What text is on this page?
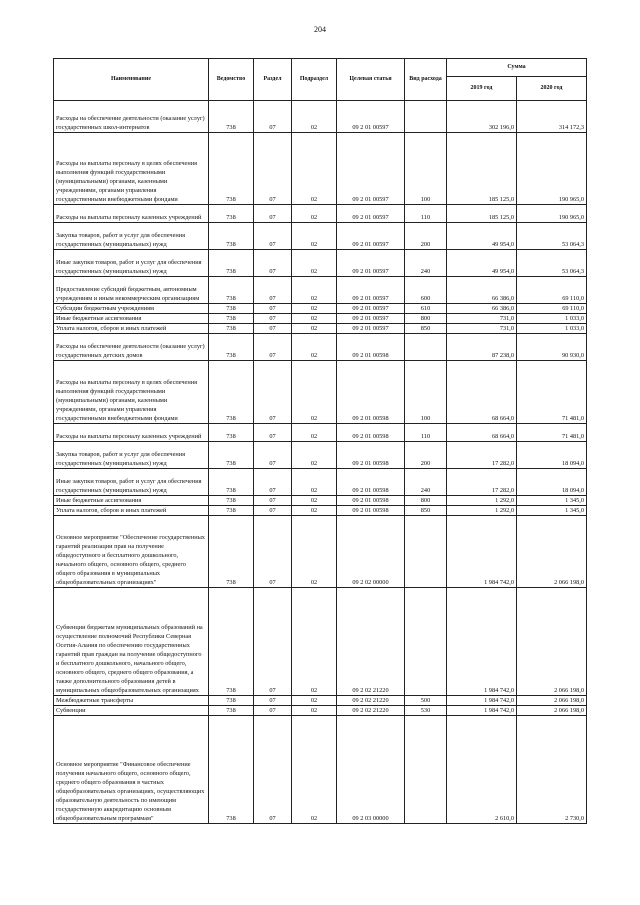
204
Наименование	Ведомство	Раздел	Подраздел	Целевая статья	Вид расхода	Сумма	
						2019 год	2020 год
Расходы на обеспечение деятельности (оказание услуг) государственных школ-интернатов	738	07	02	09 2 01 00597		302 196,0	314 172,3
Расходы на выплаты персоналу в целях обеспечения выполнения функций государственными (муниципальными) органами, казенными учреждениями, органами управления государственными внебюджетными фондами	738	07	02	09 2 01 00597	100	185 125,0	190 965,0
Расходы на выплаты персоналу казенных учреждений	738	07	02	09 2 01 00597	110	185 125,0	190 965,0
Закупка товаров, работ и услуг для обеспечения государственных (муниципальных) нужд	738	07	02	09 2 01 00597	200	49 954,0	53 064,3
Иные закупки товаров, работ и услуг для обеспечения государственных (муниципальных) нужд	738	07	02	09 2 01 00597	240	49 954,0	53 064,3
Предоставление субсидий бюджетным, автономным учреждениям и иным некоммерческим организациям	738	07	02	09 2 01 00597	600	66 386,0	69 110,0
Субсидии бюджетным учреждениям	738	07	02	09 2 01 00597	610	66 386,0	69 110,0
Иные бюджетные ассигнования	738	07	02	09 2 01 00597	800	731,0	1 033,0
Уплата налогов, сборов и иных платежей	738	07	02	09 2 01 00597	850	731,0	1 033,0
Расходы на обеспечение деятельности (оказание услуг) государственных детских домов	738	07	02	09 2 01 00598		87 238,0	90 930,0
Расходы на выплаты персоналу в целях обеспечения выполнения функций государственными (муниципальными) органами, казенными учреждениями, органами управления государственными внебюджетными фондами	738	07	02	09 2 01 00598	100	68 664,0	71 481,0
Расходы на выплаты персоналу казенных учреждений	738	07	02	09 2 01 00598	110	68 664,0	71 481,0
Закупка товаров, работ и услуг для обеспечения государственных (муниципальных) нужд	738	07	02	09 2 01 00598	200	17 282,0	18 094,0
Иные закупки товаров, работ и услуг для обеспечения государственных (муниципальных) нужд	738	07	02	09 2 01 00598	240	17 282,0	18 094,0
Иные бюджетные ассигнования	738	07	02	09 2 01 00598	800	1 292,0	1 345,0
Уплата налогов, сборов и иных платежей	738	07	02	09 2 01 00598	850	1 292,0	1 345,0
Основное мероприятие "Обеспечение государственных гарантий реализации прав на получение общедоступного и бесплатного дошкольного, начального общего, основного общего, среднего общего образования в муниципальных общеобразовательных организациях"	738	07	02	09 2 02 00000		1 984 742,0	2 066 198,0
Субвенции бюджетам муниципальных образований на осуществление полномочий Республики Северная Осетия-Алания по обеспечению государственных гарантий прав граждан на получение общедоступного и бесплатного дошкольного, начального общего, основного общего, среднего общего образования, а также дополнительного образования детей в муниципальных общеобразовательных организациях	738	07	02	09 2 02 21220		1 984 742,0	2 066 198,0
Межбюджетные трансферты	738	07	02	09 2 02 21220	500	1 984 742,0	2 066 198,0
Субвенции	738	07	02	09 2 02 21220	530	1 984 742,0	2 066 198,0
Основное мероприятие "Финансовое обеспечение получения начального общего, основного общего, среднего общего образования в частных общеобразовательных организациях, осуществляющих образовательную деятельность по имеющим государственную аккредитацию основным общеобразовательным программам"	738	07	02	09 2 03 00000		2 610,0	2 730,0
